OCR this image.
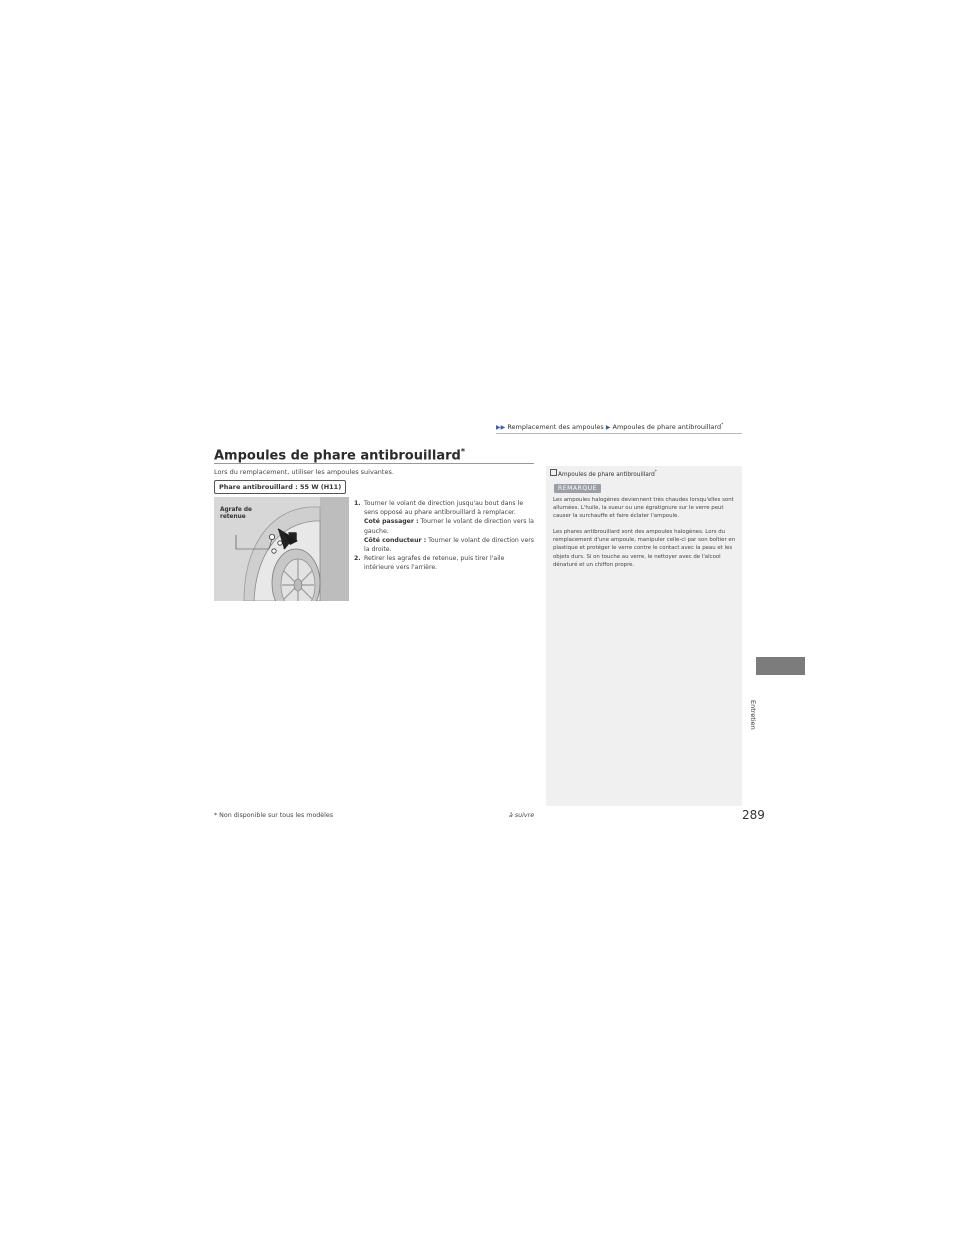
▶▶ Remplacement des ampoules ▶ Ampoules de phare antibrouillard*
Ampoules de phare antibrouillard*
Lors du remplacement, utiliser les ampoules suivantes.
Phare antibrouillard : 55 W (H11)
Agrafe de
retenue
1. Tourner le volant de direction jusqu'au bout dans le sens opposé au phare antibrouillard à remplacer.
Coté passager : Tourner le volant de direction vers la gauche.
Côté conducteur : Tourner le volant de direction vers la droite.
2. Retirer les agrafes de retenue, puis tirer l'aile intérieure vers l'arrière.
Ampoules de phare antibrouillard*
REMARQUE

Les ampoules halogènes deviennent très chaudes lorsqu'elles sont allumées. L'huile, la sueur ou une égratignure sur le verre peut causer la surchauffe et faire éclater l'ampoule.

Les phares antibrouillard sont des ampoules halogènes. Lors du remplacement d'une ampoule, manipuler celle-ci par son boîtier en plastique et protéger le verre contre le contact avec la peau et les objets durs. Si on touche au verre, le nettoyer avec de l'alcool dénaturé et un chiffon propre.

Entretien
* Non disponible sur tous les modèles	à suivre	289
